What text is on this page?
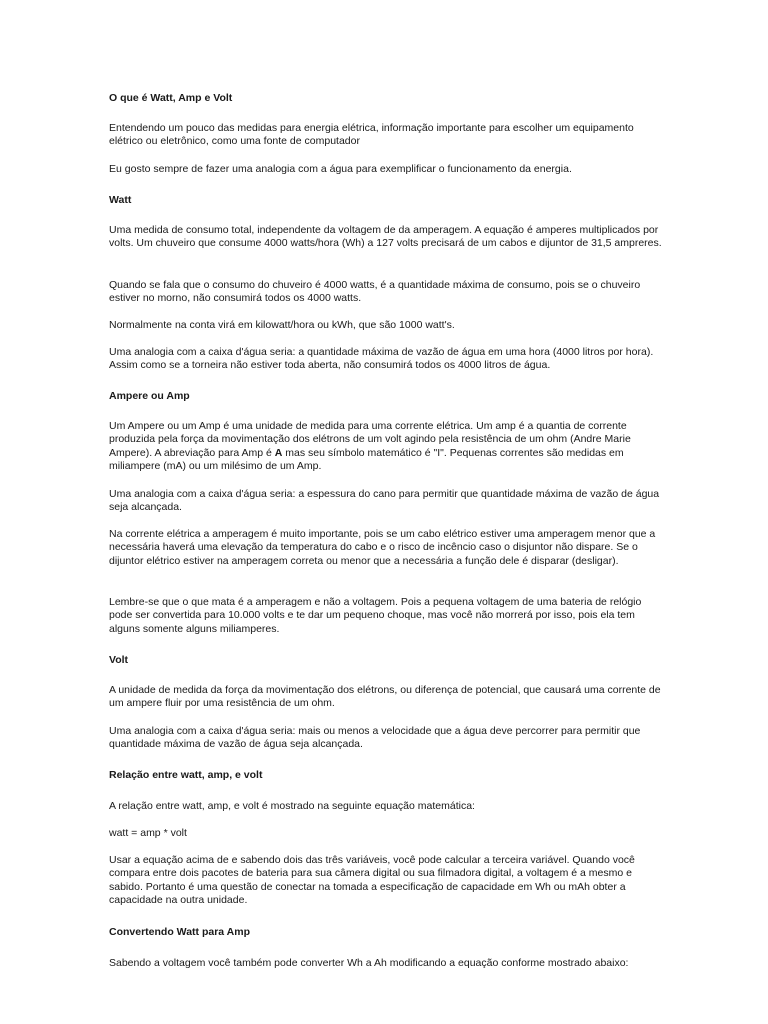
O que é Watt, Amp e Volt

Entendendo um pouco das medidas para energia elétrica, informação importante para escolher um equipamento elétrico ou eletrônico, como uma fonte de computador

Eu gosto sempre de fazer uma analogia com a água para exemplificar o funcionamento da energia.

Watt

Uma medida de consumo total, independente da voltagem de da amperagem. A equação é amperes multiplicados por volts. Um chuveiro que consume 4000 watts/hora (Wh) a 127 volts precisará de um cabos e dijuntor de 31,5 ampreres.

Quando se fala que o consumo do chuveiro é 4000 watts, é a quantidade máxima de consumo, pois se o chuveiro estiver no morno, não consumirá todos os 4000 watts.

Normalmente na conta virá em kilowatt/hora ou kWh, que são 1000 watt's.

Uma analogia com a caixa d'água seria: a quantidade máxima de vazão de água em uma hora (4000 litros por hora). Assim como se a torneira não estiver toda aberta, não consumirá todos os 4000 litros de água.

Ampere ou Amp

Um Ampere ou um Amp é uma unidade de medida para uma corrente elétrica. Um amp é a quantia de corrente produzida pela força da movimentação dos elétrons de um volt agindo pela resistência de um ohm (Andre Marie Ampere). A abreviação para Amp é A mas seu símbolo matemático é "I". Pequenas correntes são medidas em miliampere (mA) ou um milésimo de um Amp.

Uma analogia com a caixa d'água seria: a espessura do cano para permitir que quantidade máxima de vazão de água seja alcançada.

Na corrente elétrica a amperagem é muito importante, pois se um cabo elétrico estiver uma amperagem menor que a necessária haverá uma elevação da temperatura do cabo e o risco de incêncio caso o disjuntor não dispare. Se o dijuntor elétrico estiver na amperagem correta ou menor que a necessária a função dele é disparar (desligar).

Lembre-se que o que mata é a amperagem e não a voltagem. Pois a pequena voltagem de uma bateria de relógio pode ser convertida para 10.000 volts e te dar um pequeno choque, mas você não morrerá por isso, pois ela tem alguns somente alguns miliamperes.

Volt

A unidade de medida da força da movimentação dos elétrons, ou diferença de potencial, que causará uma corrente de um ampere fluir por uma resistência de um ohm.

Uma analogia com a caixa d'água seria: mais ou menos a velocidade que a água deve percorrer para permitir que quantidade máxima de vazão de água seja alcançada.

Relação entre watt, amp, e volt

A relação entre watt, amp, e volt é mostrado na seguinte equação matemática:

watt = amp * volt

Usar a equação acima de e sabendo dois das três variáveis, você pode calcular a terceira variável. Quando você compara entre dois pacotes de bateria para sua câmera digital ou sua filmadora digital, a voltagem é a mesmo e sabido. Portanto é uma questão de conectar na tomada a especificação de capacidade em Wh ou mAh obter a capacidade na outra unidade.

Convertendo Watt para Amp

Sabendo a voltagem você também pode converter Wh a Ah modificando a equação conforme mostrado abaixo:
